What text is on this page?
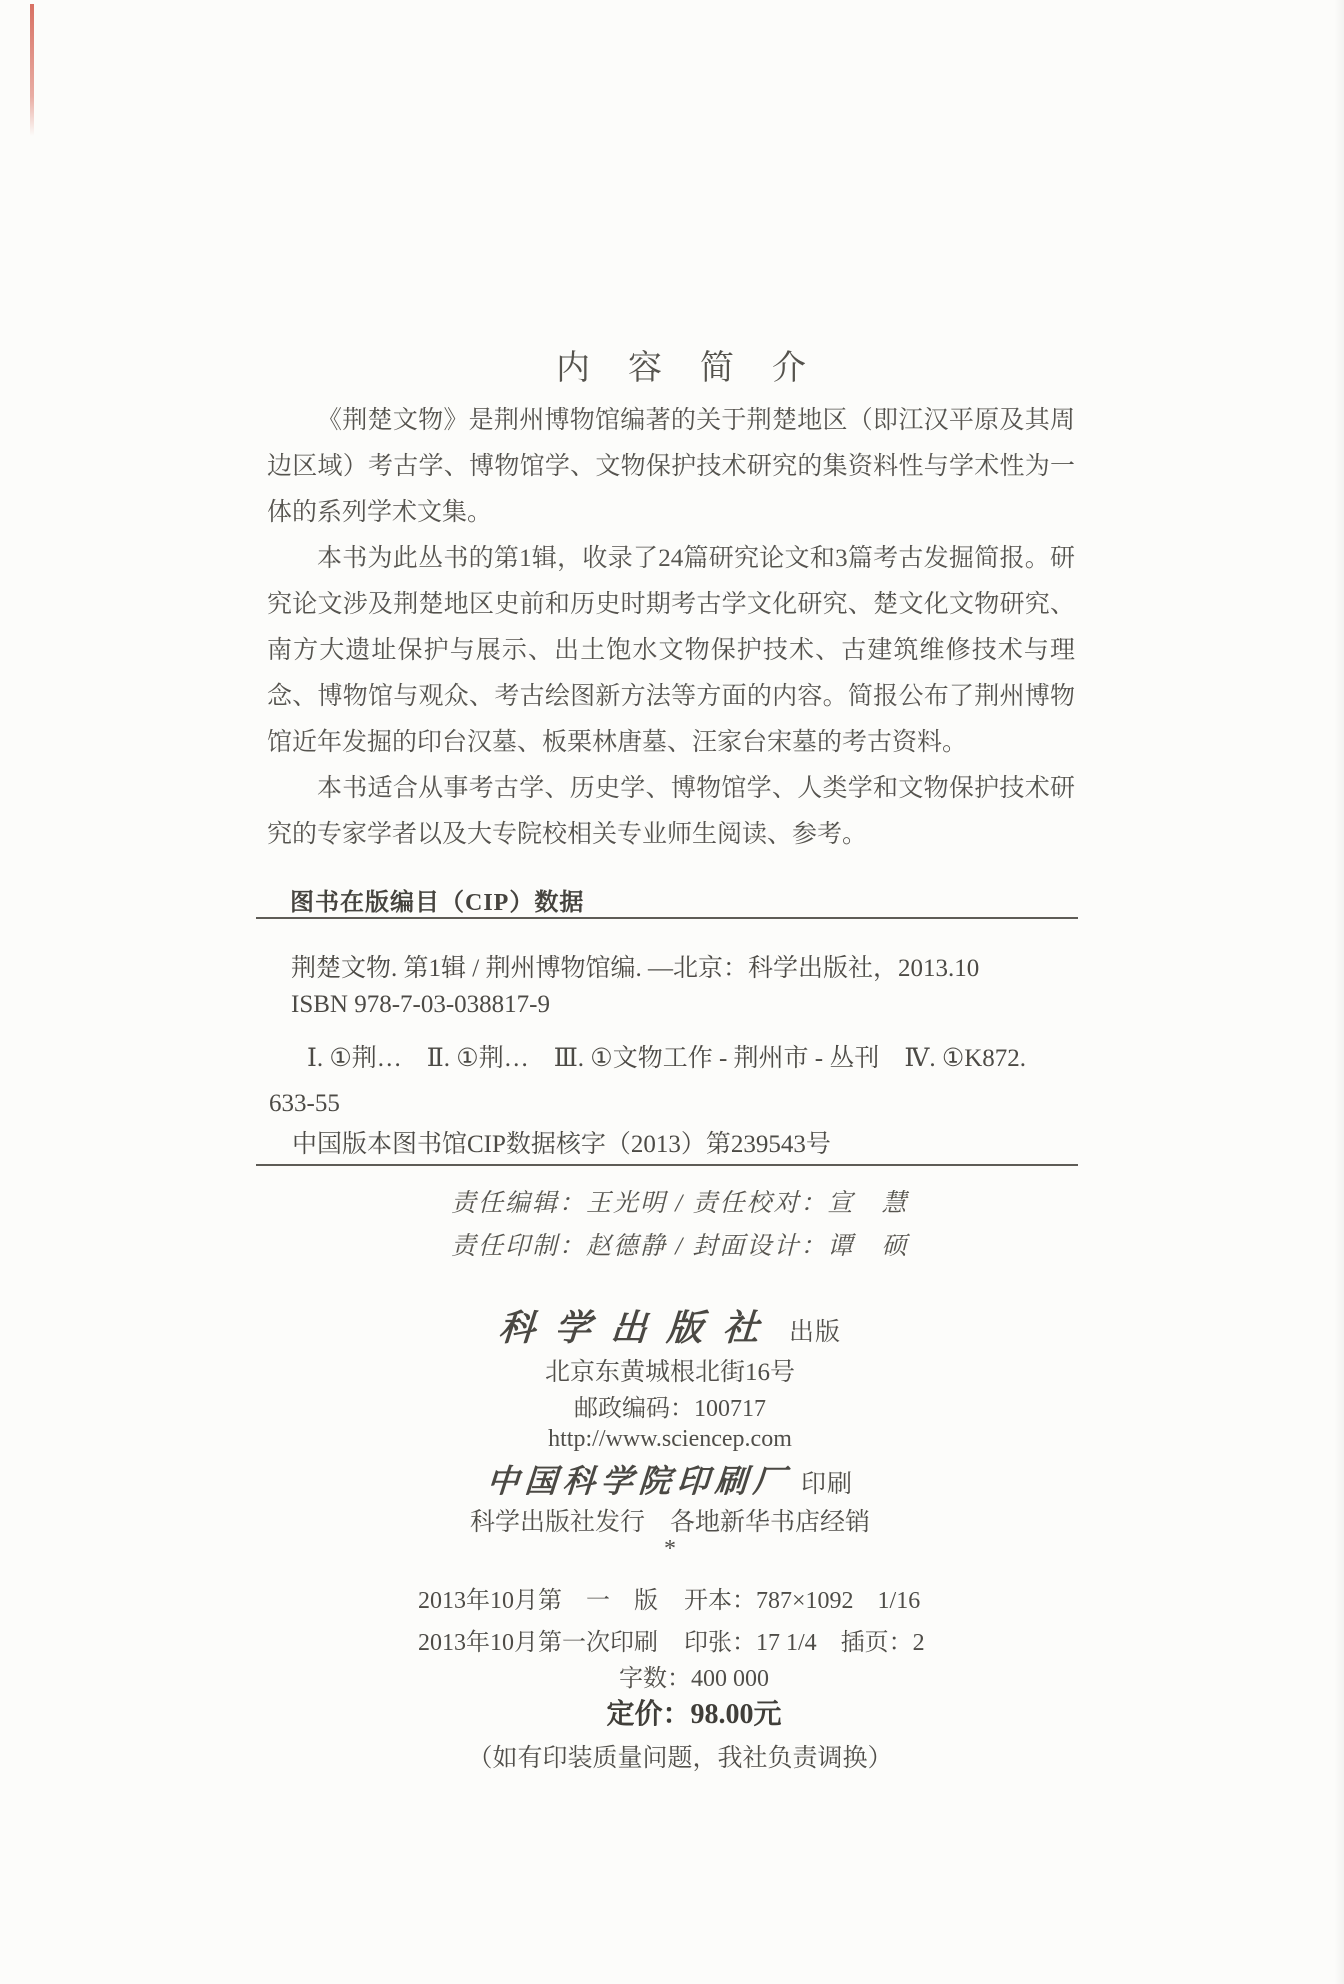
内　容　简　介
《荆楚文物》是荆州博物馆编著的关于荆楚地区（即江汉平原及其周
边区域）考古学、博物馆学、文物保护技术研究的集资料性与学术性为一
体的系列学术文集。
本书为此丛书的第1辑，收录了24篇研究论文和3篇考古发掘简报。研
究论文涉及荆楚地区史前和历史时期考古学文化研究、楚文化文物研究、
南方大遗址保护与展示、出土饱水文物保护技术、古建筑维修技术与理
念、博物馆与观众、考古绘图新方法等方面的内容。简报公布了荆州博物
馆近年发掘的印台汉墓、板栗林唐墓、汪家台宋墓的考古资料。
本书适合从事考古学、历史学、博物馆学、人类学和文物保护技术研
究的专家学者以及大专院校相关专业师生阅读、参考。
图书在版编目（CIP）数据
荆楚文物. 第1辑 / 荆州博物馆编. —北京：科学出版社，2013.10
ISBN 978-7-03-038817-9
Ⅰ. ①荆…　Ⅱ. ①荆…　Ⅲ. ①文物工作 - 荆州市 - 丛刊　Ⅳ. ①K872.
633-55
中国版本图书馆CIP数据核字（2013）第239543号
责任编辑：王光明 / 责任校对：宣　慧
责任印制：赵德静 / 封面设计：谭　硕
科学出版社 出版
北京东黄城根北街16号
邮政编码：100717
http://www.sciencep.com
中国科学院印刷厂 印刷
科学出版社发行　各地新华书店经销
*
2013年10月第　一　版	开本：787×1092　1/16
2013年10月第一次印刷	印张：17 1/4　插页：2
字数：400 000
定价：98.00元
（如有印装质量问题，我社负责调换）
